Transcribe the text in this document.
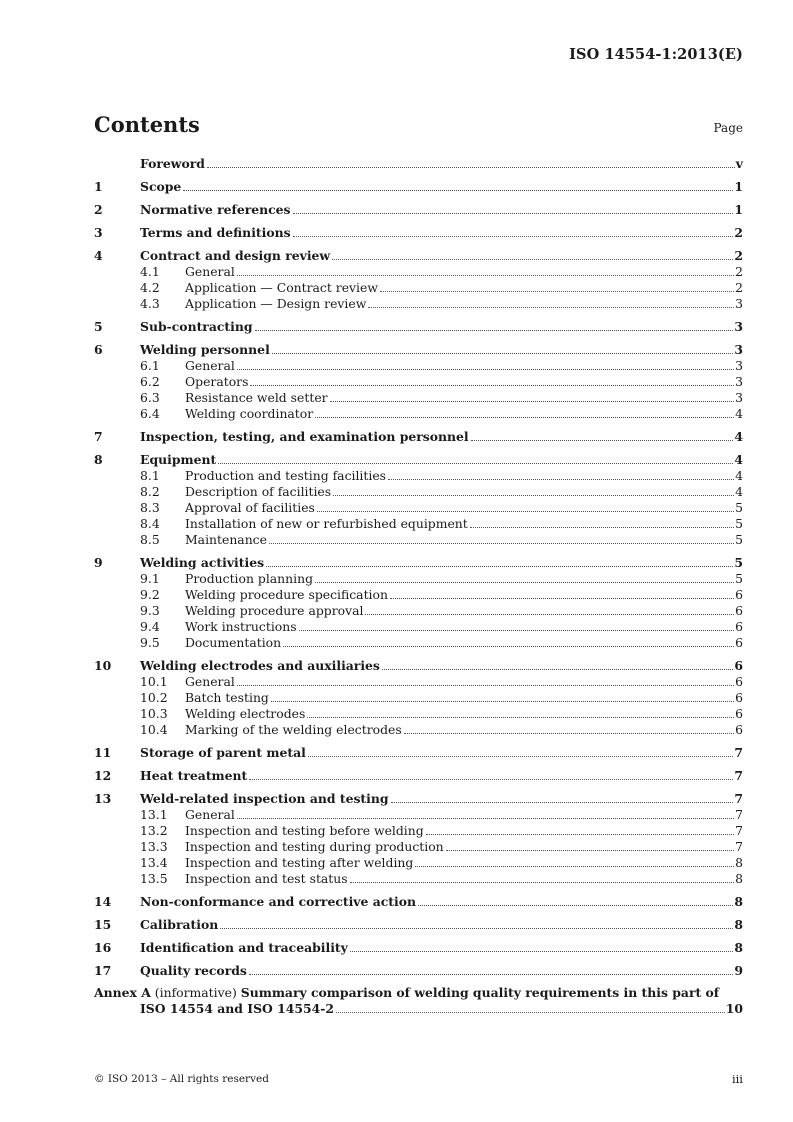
ISO 14554-1:2013(E)
Contents	Page
Foreword	v
1	Scope	1
2	Normative references	1
3	Terms and definitions	2
4	Contract and design review	2
4.1	General	2
4.2	Application — Contract review	2
4.3	Application — Design review	3
5	Sub-contracting	3
6	Welding personnel	3
6.1	General	3
6.2	Operators	3
6.3	Resistance weld setter	3
6.4	Welding coordinator	4
7	Inspection, testing, and examination personnel	4
8	Equipment	4
8.1	Production and testing facilities	4
8.2	Description of facilities	4
8.3	Approval of facilities	5
8.4	Installation of new or refurbished equipment	5
8.5	Maintenance	5
9	Welding activities	5
9.1	Production planning	5
9.2	Welding procedure specification	6
9.3	Welding procedure approval	6
9.4	Work instructions	6
9.5	Documentation	6
10	Welding electrodes and auxiliaries	6
10.1	General	6
10.2	Batch testing	6
10.3	Welding electrodes	6
10.4	Marking of the welding electrodes	6
11	Storage of parent metal	7
12	Heat treatment	7
13	Weld-related inspection and testing	7
13.1	General	7
13.2	Inspection and testing before welding	7
13.3	Inspection and testing during production	7
13.4	Inspection and testing after welding	8
13.5	Inspection and test status	8
14	Non-conformance and corrective action	8
15	Calibration	8
16	Identification and traceability	8
17	Quality records	9
Annex A (informative) Summary comparison of welding quality requirements in this part of
ISO 14554 and ISO 14554-2	10
© ISO 2013 – All rights reserved	iii
